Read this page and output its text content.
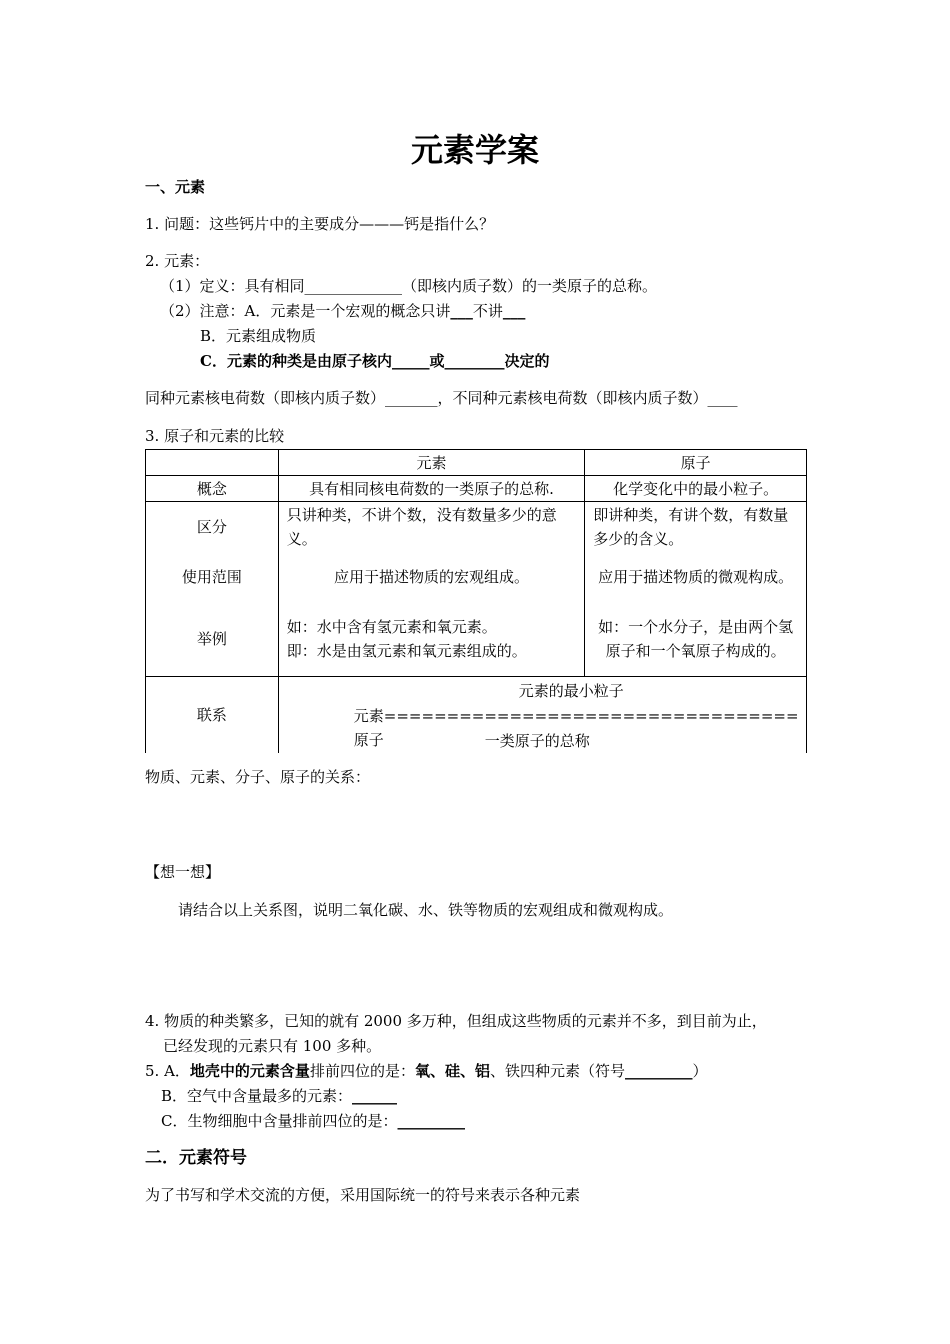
元素学案
一、元素
1. 问题：这些钙片中的主要成分———钙是指什么？
2. 元素：
（1）定义：具有相同_____________（即核内质子数）的一类原子的总称。
（2）注意：A．元素是一个宏观的概念只讲___不讲___
B．元素组成物质
C．元素的种类是由原子核内_____或________决定的
同种元素核电荷数（即核内质子数）_______，不同种元素核电荷数（即核内质子数）____
3. 原子和元素的比较
	元素	原子
概念	具有相同核电荷数的一类原子的总称.	化学变化中的最小粒子。
区分	只讲种类，不讲个数，没有数量多少的意义。	即讲种类，有讲个数，有数量多少的含义。
使用范围	应用于描述物质的宏观组成。	应用于描述物质的微观构成。
举例	如：水中含有氢元素和氧元素。
即：水是由氢元素和氧元素组成的。	如：一个水分子，是由两个氢原子和一个氧原子构成的。
联系	元素的最小粒子
元素=================================原子 一类原子的总称	
物质、元素、分子、原子的关系：
【想一想】
请结合以上关系图，说明二氧化碳、水、铁等物质的宏观组成和微观构成。
4. 物质的种类繁多，已知的就有 2000 多万种，但组成这些物质的元素并不多，到目前为止，
已经发现的元素只有 100 多种。
5. A．地壳中的元素含量排前四位的是：氧、硅、铝、铁四种元素（符号_________）
B．空气中含量最多的元素：______
C．生物细胞中含量排前四位的是：_________
二．元素符号
为了书写和学术交流的方便，采用国际统一的符号来表示各种元素
